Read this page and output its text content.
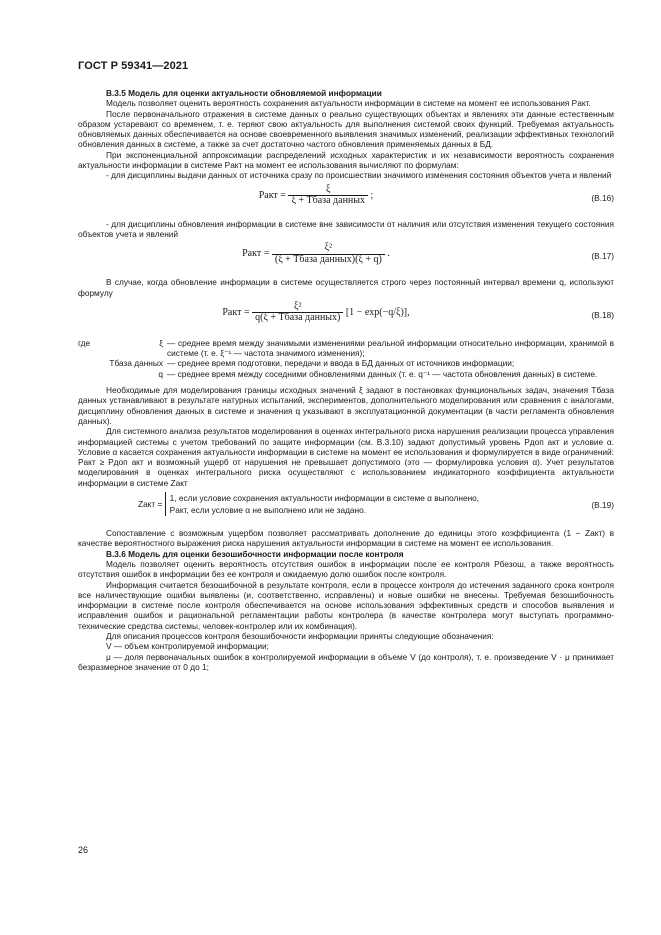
ГОСТ Р 59341—2021

В.3.5 Модель для оценки актуальности обновляемой информации

Модель позволяет оценить вероятность сохранения актуальности информации в системе на момент ее использования Pакт.

После первоначального отражения в системе данных о реально существующих объектах и явлениях эти данные естественным образом устаревают со временем, т. е. теряют свою актуальность для выполнения системой своих функций. Требуемая актуальность обновляемых данных обеспечивается на основе своевременного выявления значимых изменений, реализации эффективных технологий обновления данных в системе, а также за счет достаточно частого обновления применяемых данных в БД.

При экспоненциальной аппроксимации распределений исходных характеристик и их независимости вероятность сохранения актуальности информации в системе Pакт на момент ее использования вычисляют по формулам:

- для дисциплины выдачи данных от источника сразу по происшествии значимого изменения состояния объектов учета и явлений

Pакт = $\frac{\xi}{\text{ξ + Tбаза данных}}$ ;	(В.16)

- для дисциплины обновления информации в системе вне зависимости от наличия или отсутствия изменения текущего состояния объектов учета и явлений

Pакт = $\frac{\text{ξ²}}{\text{(ξ + Tбаза данных)(ξ + q)}}$ .	(В.17)

В случае, когда обновление информации в системе осуществляется строго через постоянный интервал времени q, используют формулу

Pакт = $\frac{\text{ξ²}}{\text{q(ξ + Tбаза данных)}} [1 - \exp(-q/\xi)]$,	(В.18)

где	ξ — среднее время между значимыми изменениями реальной информации относительно информации, хранимой в системе (т. е. ξ⁻¹ — частота значимого изменения);
Tбаза данных — среднее время подготовки, передачи и ввода в БД данных от источников информации;
q — среднее время между соседними обновлениями данных (т. е. q⁻¹ — частота обновления данных) в системе.

Необходимые для моделирования границы исходных значений ξ задают в постановках функциональных задач, значения Tбаза данных устанавливают в результате натурных испытаний, экспериментов, дополнительного моделирования или сравнения с аналогами, дисциплину обновления данных в системе и значения q указывают в эксплуатационной документации (в части регламента обновления данных).

Для системного анализа результатов моделирования в оценках интегрального риска нарушения реализации процесса управления информацией системы с учетом требований по защите информации (см. В.3.10) задают допустимый уровень Pдоп акт и условие α. Условие α касается сохранения актуальности информации в системе на момент ее использования и формулируется в виде ограничений: Pакт ≥ Pдоп акт и возможный ущерб от нарушения не превышает допустимого (это — формулировка условия α). Учет результатов моделирования в оценках интегрального риска осуществляют с использованием индикаторного коэффициента актуальности информации в системе Zакт

Zакт =
1, если условие сохранения актуальности информации в системе α выполнено,
Pакт, если условие α не выполнено или не задано.	(В.19)

Сопоставление с возможным ущербом позволяет рассматривать дополнение до единицы этого коэффициента (1 − Zакт) в качестве вероятностного выражения риска нарушения актуальности информации в системе на момент ее использования.

В.3.6 Модель для оценки безошибочности информации после контроля

Модель позволяет оценить вероятность отсутствия ошибок в информации после ее контроля Pбезош, а также вероятность отсутствия ошибок в информации без ее контроля и ожидаемую долю ошибок после контроля.

Информация считается безошибочной в результате контроля, если в процессе контроля до истечения заданного срока контроля все наличествующие ошибки выявлены (и, соответственно, исправлены) и новые ошибки не внесены. Требуемая безошибочность информации в системе после контроля обеспечивается на основе использования эффективных средств и способов выявления и исправления ошибок и рациональной регламентации работы контролера (в качестве контролера могут выступать программно-технические средства системы, человек-контролер или их комбинация).

Для описания процессов контроля безошибочности информации приняты следующие обозначения:

V — объем контролируемой информации;

μ — доля первоначальных ошибок в контролируемой информации в объеме V (до контроля), т. е. произведение V · μ принимает безразмерное значение от 0 до 1;

26
